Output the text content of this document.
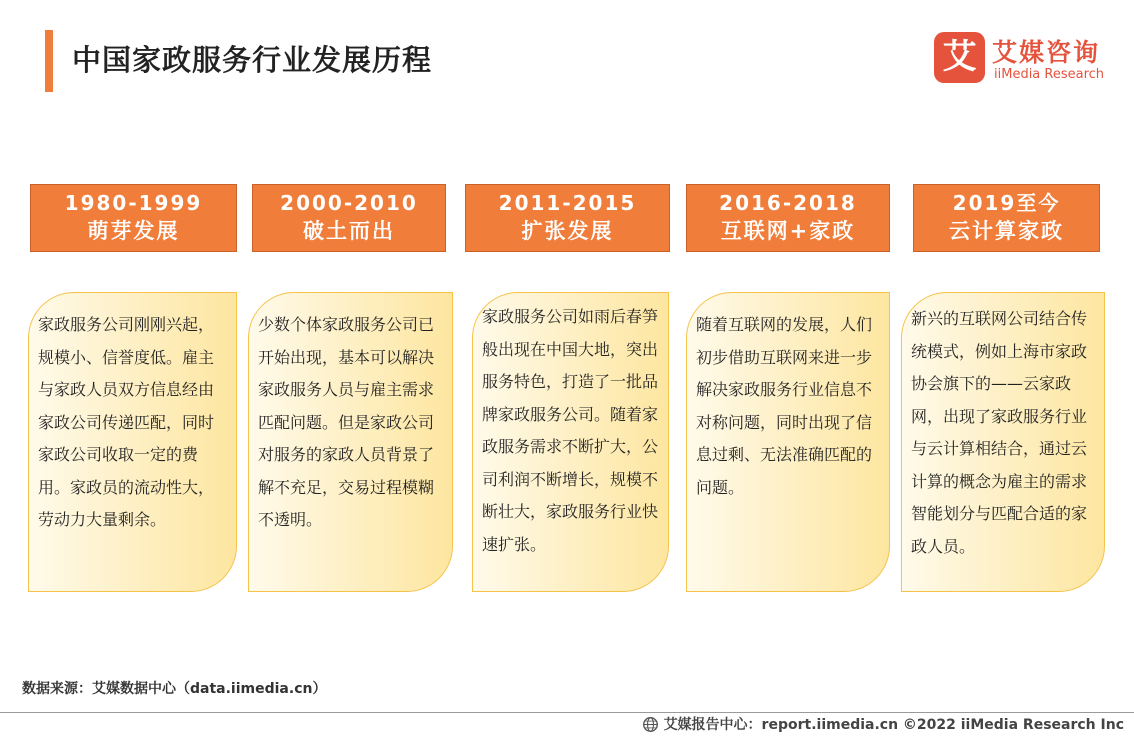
中国家政服务行业发展历程	艾 艾媒咨询
iiMedia Research
1980-1999
萌芽发展
2000-2010
破土而出
2011-2015
扩张发展
2016-2018
互联网+家政
2019至今
云计算家政
家政服务公司刚刚兴起，规模小、信誉度低。雇主与家政人员双方信息经由家政公司传递匹配，同时家政公司收取一定的费用。家政员的流动性大，劳动力大量剩余。
少数个体家政服务公司已开始出现，基本可以解决家政服务人员与雇主需求匹配问题。但是家政公司对服务的家政人员背景了解不充足，交易过程模糊不透明。
家政服务公司如雨后春笋般出现在中国大地，突出服务特色，打造了一批品牌家政服务公司。随着家政服务需求不断扩大，公司利润不断增长，规模不断壮大，家政服务行业快速扩张。
随着互联网的发展，人们初步借助互联网来进一步解决家政服务行业信息不对称问题，同时出现了信息过剩、无法准确匹配的问题。
新兴的互联网公司结合传统模式，例如上海市家政协会旗下的——云家政网，出现了家政服务行业与云计算相结合，通过云计算的概念为雇主的需求智能划分与匹配合适的家政人员。
数据来源：艾媒数据中心（data.iimedia.cn）
艾媒报告中心：report.iimedia.cn ©2022 iiMedia Research Inc
